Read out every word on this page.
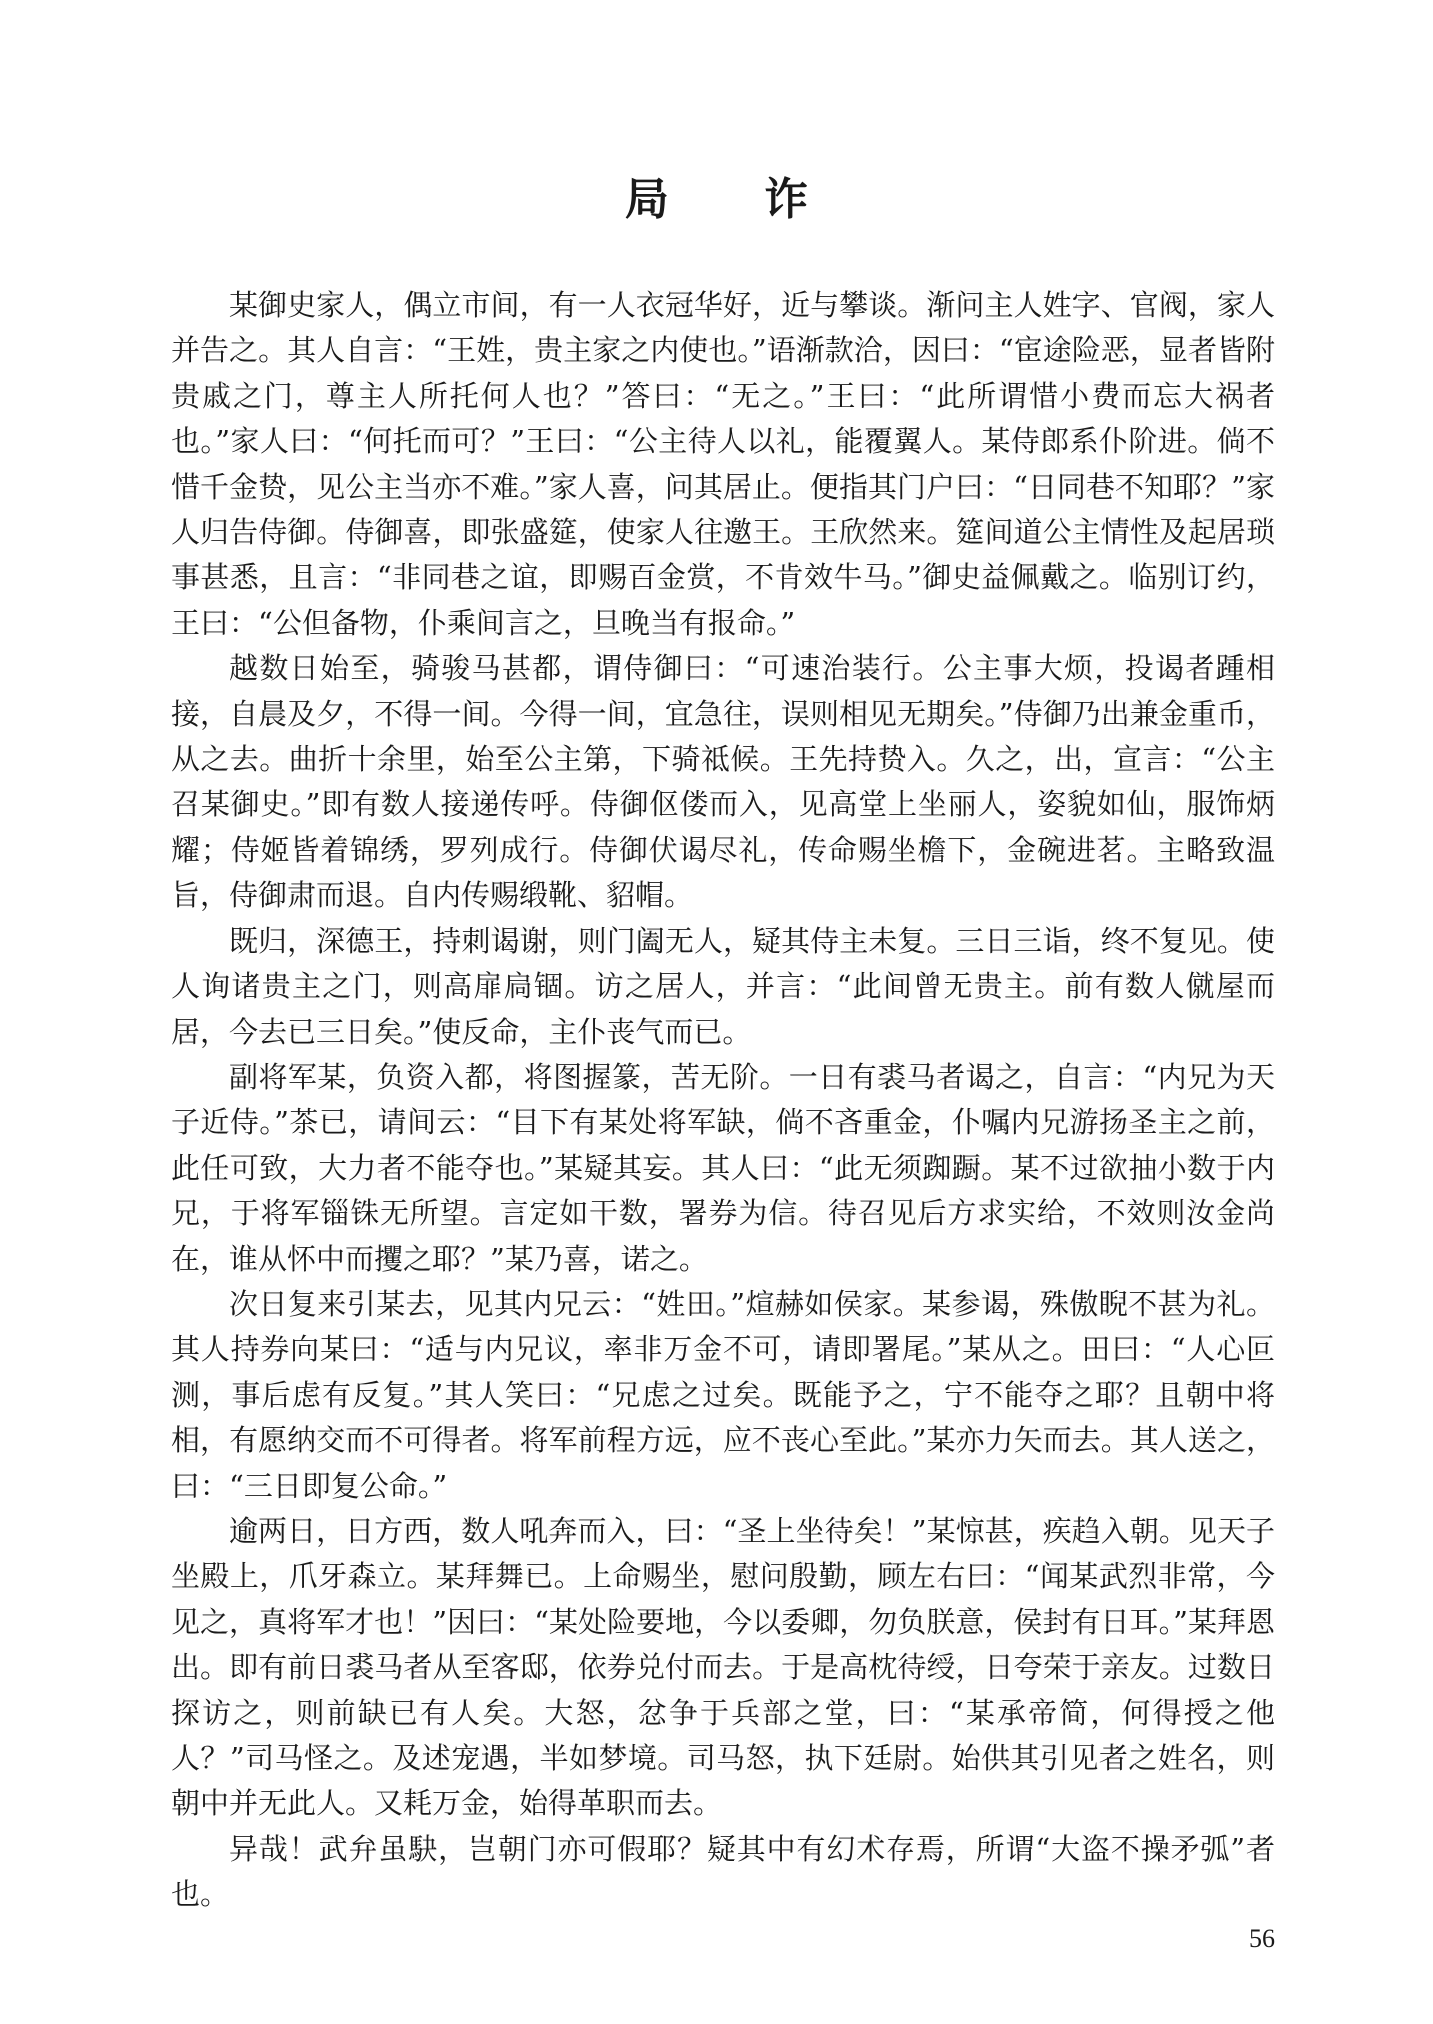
局 诈

某御史家人，偶立市间，有一人衣冠华好，近与攀谈。渐问主人姓字、官阀，家人并告之。其人自言：“王姓，贵主家之内使也。”语渐款洽，因曰：“宦途险恶，显者皆附贵戚之门，尊主人所托何人也？”答曰：“无之。”王曰：“此所谓惜小费而忘大祸者也。”家人曰：“何托而可？”王曰：“公主待人以礼，能覆翼人。某侍郎系仆阶进。倘不惜千金贽，见公主当亦不难。”家人喜，问其居止。便指其门户曰：“日同巷不知耶？”家人归告侍御。侍御喜，即张盛筵，使家人往邀王。王欣然来。筵间道公主情性及起居琐事甚悉，且言：“非同巷之谊，即赐百金赏，不肯效牛马。”御史益佩戴之。临别订约，王曰：“公但备物，仆乘间言之，旦晚当有报命。”

越数日始至，骑骏马甚都，谓侍御曰：“可速治装行。公主事大烦，投谒者踵相接，自晨及夕，不得一间。今得一间，宜急往，误则相见无期矣。”侍御乃出兼金重币，从之去。曲折十余里，始至公主第，下骑祗候。王先持贽入。久之，出，宣言：“公主召某御史。”即有数人接递传呼。侍御伛偻而入，见高堂上坐丽人，姿貌如仙，服饰炳耀；侍姬皆着锦绣，罗列成行。侍御伏谒尽礼，传命赐坐檐下，金碗进茗。主略致温旨，侍御肃而退。自内传赐缎靴、貂帽。

既归，深德王，持刺谒谢，则门阖无人，疑其侍主未复。三日三诣，终不复见。使人询诸贵主之门，则高扉扃锢。访之居人，并言：“此间曾无贵主。前有数人僦屋而居，今去已三日矣。”使反命，主仆丧气而已。

副将军某，负资入都，将图握篆，苦无阶。一日有裘马者谒之，自言：“内兄为天子近侍。”茶已，请间云：“目下有某处将军缺，倘不吝重金，仆嘱内兄游扬圣主之前，此任可致，大力者不能夺也。”某疑其妄。其人曰：“此无须踟蹰。某不过欲抽小数于内兄，于将军锱铢无所望。言定如干数，署券为信。待召见后方求实给，不效则汝金尚在，谁从怀中而攫之耶？”某乃喜，诺之。

次日复来引某去，见其内兄云：“姓田。”煊赫如侯家。某参谒，殊傲睨不甚为礼。其人持券向某曰：“适与内兄议，率非万金不可，请即署尾。”某从之。田曰：“人心叵测，事后虑有反复。”其人笑曰：“兄虑之过矣。既能予之，宁不能夺之耶？且朝中将相，有愿纳交而不可得者。将军前程方远，应不丧心至此。”某亦力矢而去。其人送之，曰：“三日即复公命。”

逾两日，日方西，数人吼奔而入，曰：“圣上坐待矣！”某惊甚，疾趋入朝。见天子坐殿上，爪牙森立。某拜舞已。上命赐坐，慰问殷勤，顾左右曰：“闻某武烈非常，今见之，真将军才也！”因曰：“某处险要地，今以委卿，勿负朕意，侯封有日耳。”某拜恩出。即有前日裘马者从至客邸，依券兑付而去。于是高枕待绶，日夸荣于亲友。过数日探访之，则前缺已有人矣。大怒，忿争于兵部之堂，曰：“某承帝简，何得授之他人？”司马怪之。及述宠遇，半如梦境。司马怒，执下廷尉。始供其引见者之姓名，则朝中并无此人。又耗万金，始得革职而去。

异哉！武弁虽駃，岂朝门亦可假耶？疑其中有幻术存焉，所谓“大盗不操矛弧”者也。

56
